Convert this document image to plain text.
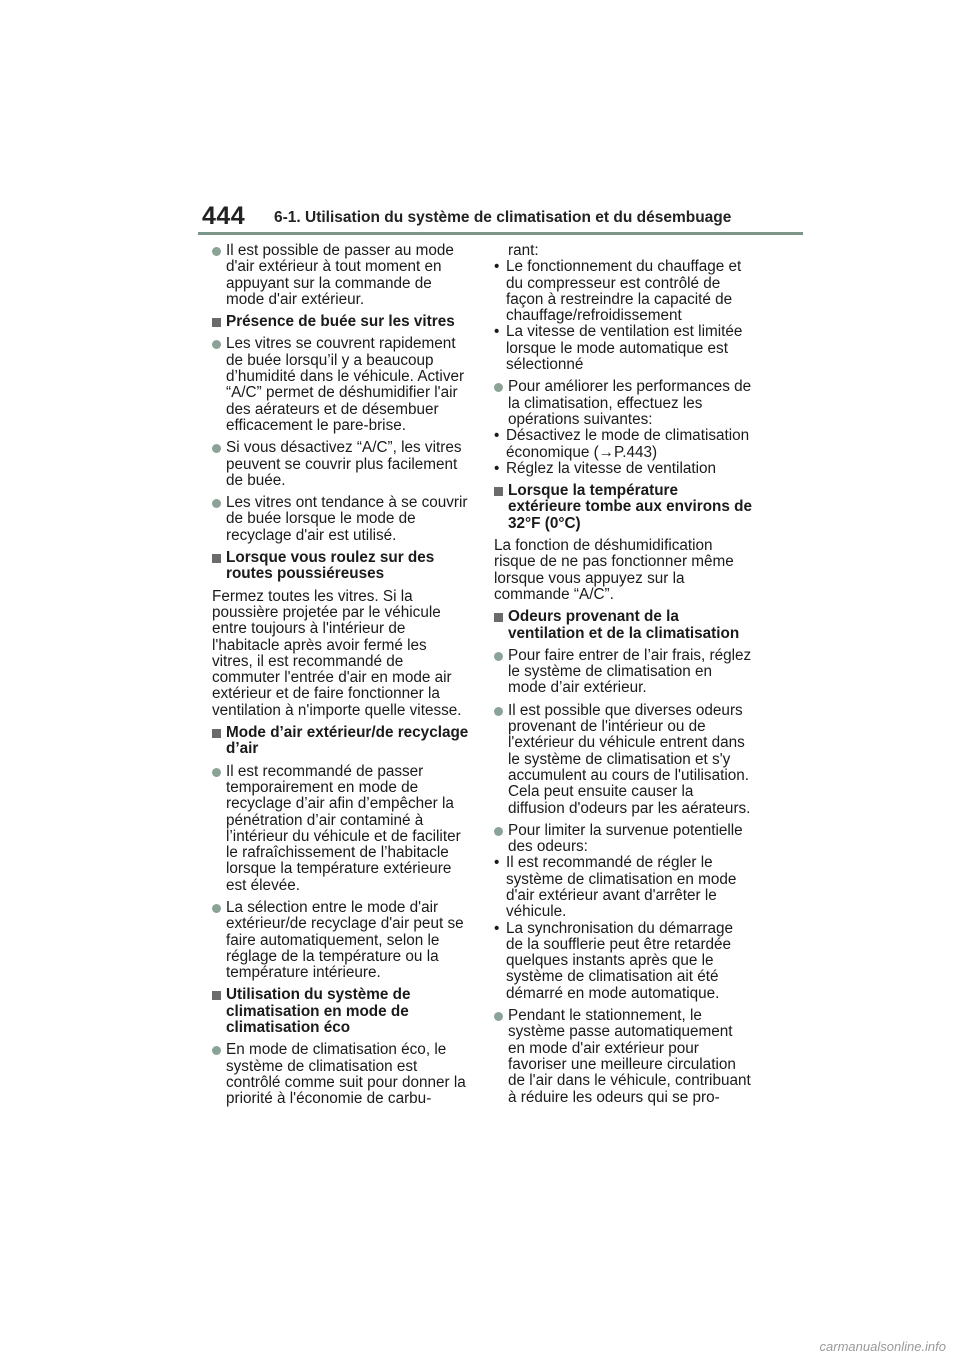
444 6-1. Utilisation du système de climatisation et du désembuage
Il est possible de passer au mode d'air extérieur à tout moment en appuyant sur la commande de mode d'air extérieur.
Présence de buée sur les vitres
Les vitres se couvrent rapidement de buée lorsqu’il y a beaucoup d’humidité dans le véhicule. Activer “A/C” permet de déshumidifier l'air des aérateurs et de désembuer efficacement le pare-brise.
Si vous désactivez “A/C”, les vitres peuvent se couvrir plus facilement de buée.
Les vitres ont tendance à se couvrir de buée lorsque le mode de recyclage d'air est utilisé.
Lorsque vous roulez sur des routes poussiéreuses
Fermez toutes les vitres. Si la poussière projetée par le véhicule entre toujours à l'intérieur de l'habitacle après avoir fermé les vitres, il est recommandé de commuter l'entrée d'air en mode air extérieur et de faire fonctionner la ventilation à n'importe quelle vitesse.
Mode d’air extérieur/de recyclage d’air
Il est recommandé de passer temporairement en mode de recyclage d’air afin d’empêcher la pénétration d’air contaminé à l’intérieur du véhicule et de faciliter le rafraîchissement de l’habitacle lorsque la température extérieure est élevée.
La sélection entre le mode d'air extérieur/de recyclage d'air peut se faire automatiquement, selon le réglage de la température ou la température intérieure.
Utilisation du système de climatisation en mode de climatisation éco
En mode de climatisation éco, le système de climatisation est contrôlé comme suit pour donner la priorité à l'économie de carbu-
rant:
• Le fonctionnement du chauffage et du compresseur est contrôlé de façon à restreindre la capacité de chauffage/refroidissement
• La vitesse de ventilation est limitée lorsque le mode automatique est sélectionné
Pour améliorer les performances de la climatisation, effectuez les opérations suivantes:
• Désactivez le mode de climatisation économique (→P.443)
• Réglez la vitesse de ventilation
Lorsque la température extérieure tombe aux environs de 32°F (0°C)
La fonction de déshumidification risque de ne pas fonctionner même lorsque vous appuyez sur la commande “A/C”.
Odeurs provenant de la ventilation et de la climatisation
Pour faire entrer de l’air frais, réglez le système de climatisation en mode d’air extérieur.
Il est possible que diverses odeurs provenant de l'intérieur ou de l'extérieur du véhicule entrent dans le système de climatisation et s'y accumulent au cours de l'utilisation. Cela peut ensuite causer la diffusion d'odeurs par les aérateurs.
Pour limiter la survenue potentielle des odeurs:
• Il est recommandé de régler le système de climatisation en mode d'air extérieur avant d'arrêter le véhicule.
• La synchronisation du démarrage de la soufflerie peut être retardée quelques instants après que le système de climatisation ait été démarré en mode automatique.
Pendant le stationnement, le système passe automatiquement en mode d'air extérieur pour favoriser une meilleure circulation de l'air dans le véhicule, contribuant à réduire les odeurs qui se pro-
carmanualsonline.info
